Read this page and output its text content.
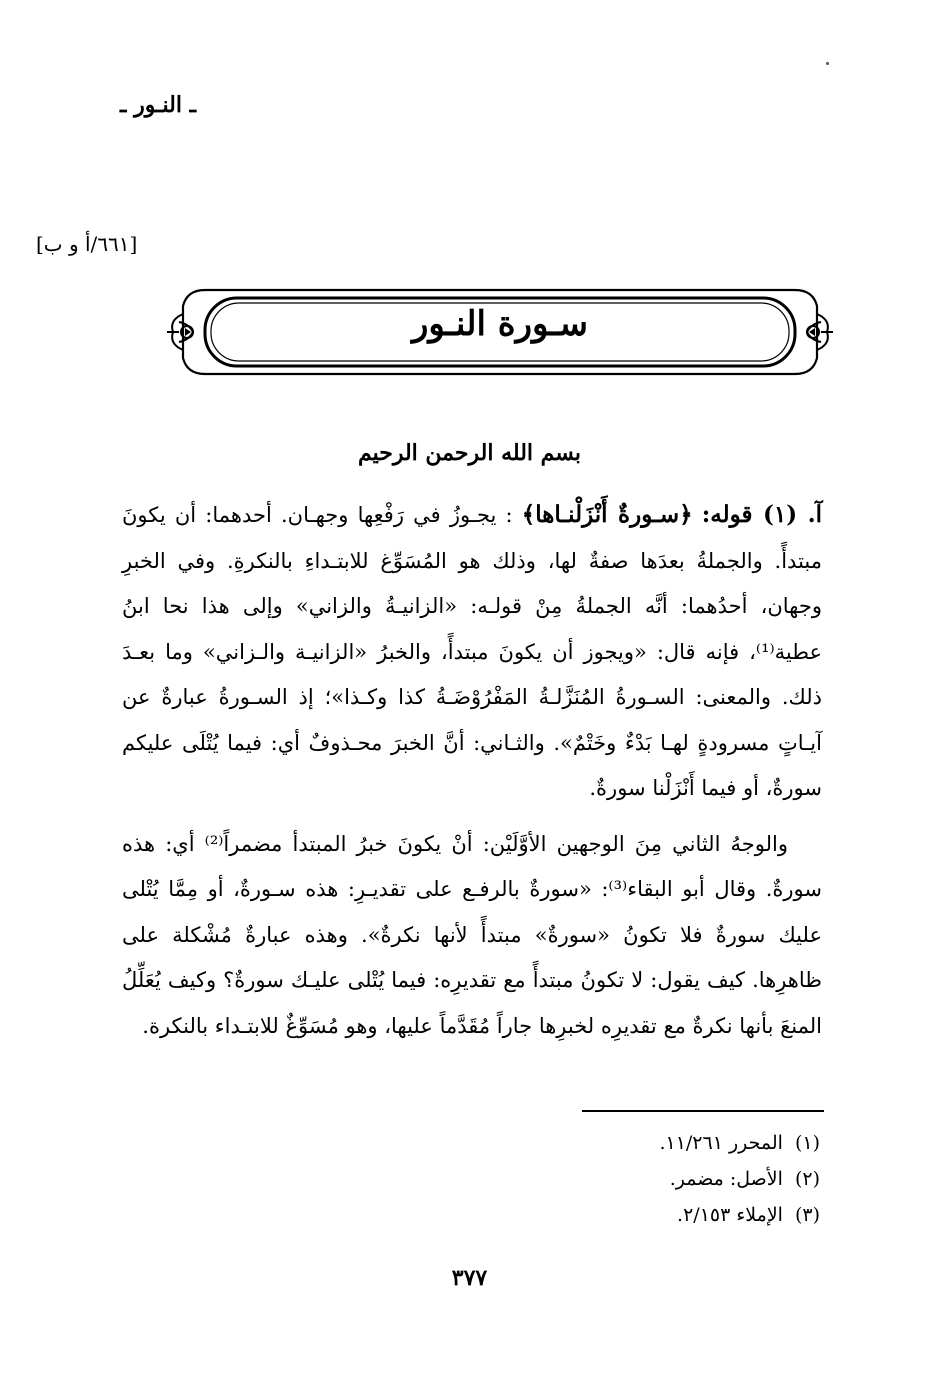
ـ النـور ـ
[٦٦١/أ و ب]
سـورة النـور
بسم الله الرحمن الرحيم

آ. (١) قوله: ﴿سـورةٌ أَنْزَلْنـاها﴾ : يجـوزُ في رَفْعِها وجهـان. أحدهما: أن يكونَ مبتدأً. والجملةُ بعدَها صفةٌ لها، وذلك هو المُسَوِّغ للابتـداءِ بالنكرةِ. وفي الخبرِ وجهان، أحدُهما: أنَّه الجملةُ مِنْ قولـه: «الزانيـةُ والزاني» وإلى هذا نحا ابنُ عطية⁽¹⁾، فإنه قال: «ويجوز أن يكونَ مبتدأً، والخبرُ «الزانيـة والـزاني» وما بعـدَ ذلك. والمعنى: السـورةُ المُنَزَّلـةُ المَفْرُوْضَـةُ كذا وكـذا»؛ إذ السـورةُ عبارةٌ عن آيـاتٍ مسرودةٍ لهـا بَدْءٌ وخَتْمٌ». والثـاني: أنَّ الخبرَ محـذوفٌ أي: فيما يُتْلَى عليكم سورةٌ، أو فيما أَنْزَلْنا سورةٌ.

والوجهُ الثاني مِنَ الوجهين الأوَّلَيْن: أنْ يكونَ خبرُ المبتدأ مضمراً⁽²⁾ أي: هذه سورةٌ. وقال أبو البقاء⁽³⁾: «سورةٌ بالرفـع على تقديـرِ: هذه سـورةٌ، أو مِمَّا يُتْلى عليك سورةٌ فلا تكونُ «سورةٌ» مبتدأً لأنها نكرةٌ». وهذه عبارةٌ مُشْكلة على ظاهرِها. كيف يقول: لا تكونُ مبتدأً مع تقديرِه: فيما يُتْلى عليـك سورةٌ؟ وكيف يُعَلِّلُ المنعَ بأنها نكرةٌ مع تقديرِه لخبرِها جاراً مُقَدَّماً عليها، وهو مُسَوِّغٌ للابتـداء بالنكرة.

(١)المحرر ١١/٢٦١.
(٢)الأصل: مضمر.
(٣)الإملاء ٢/١٥٣.
٣٧٧
